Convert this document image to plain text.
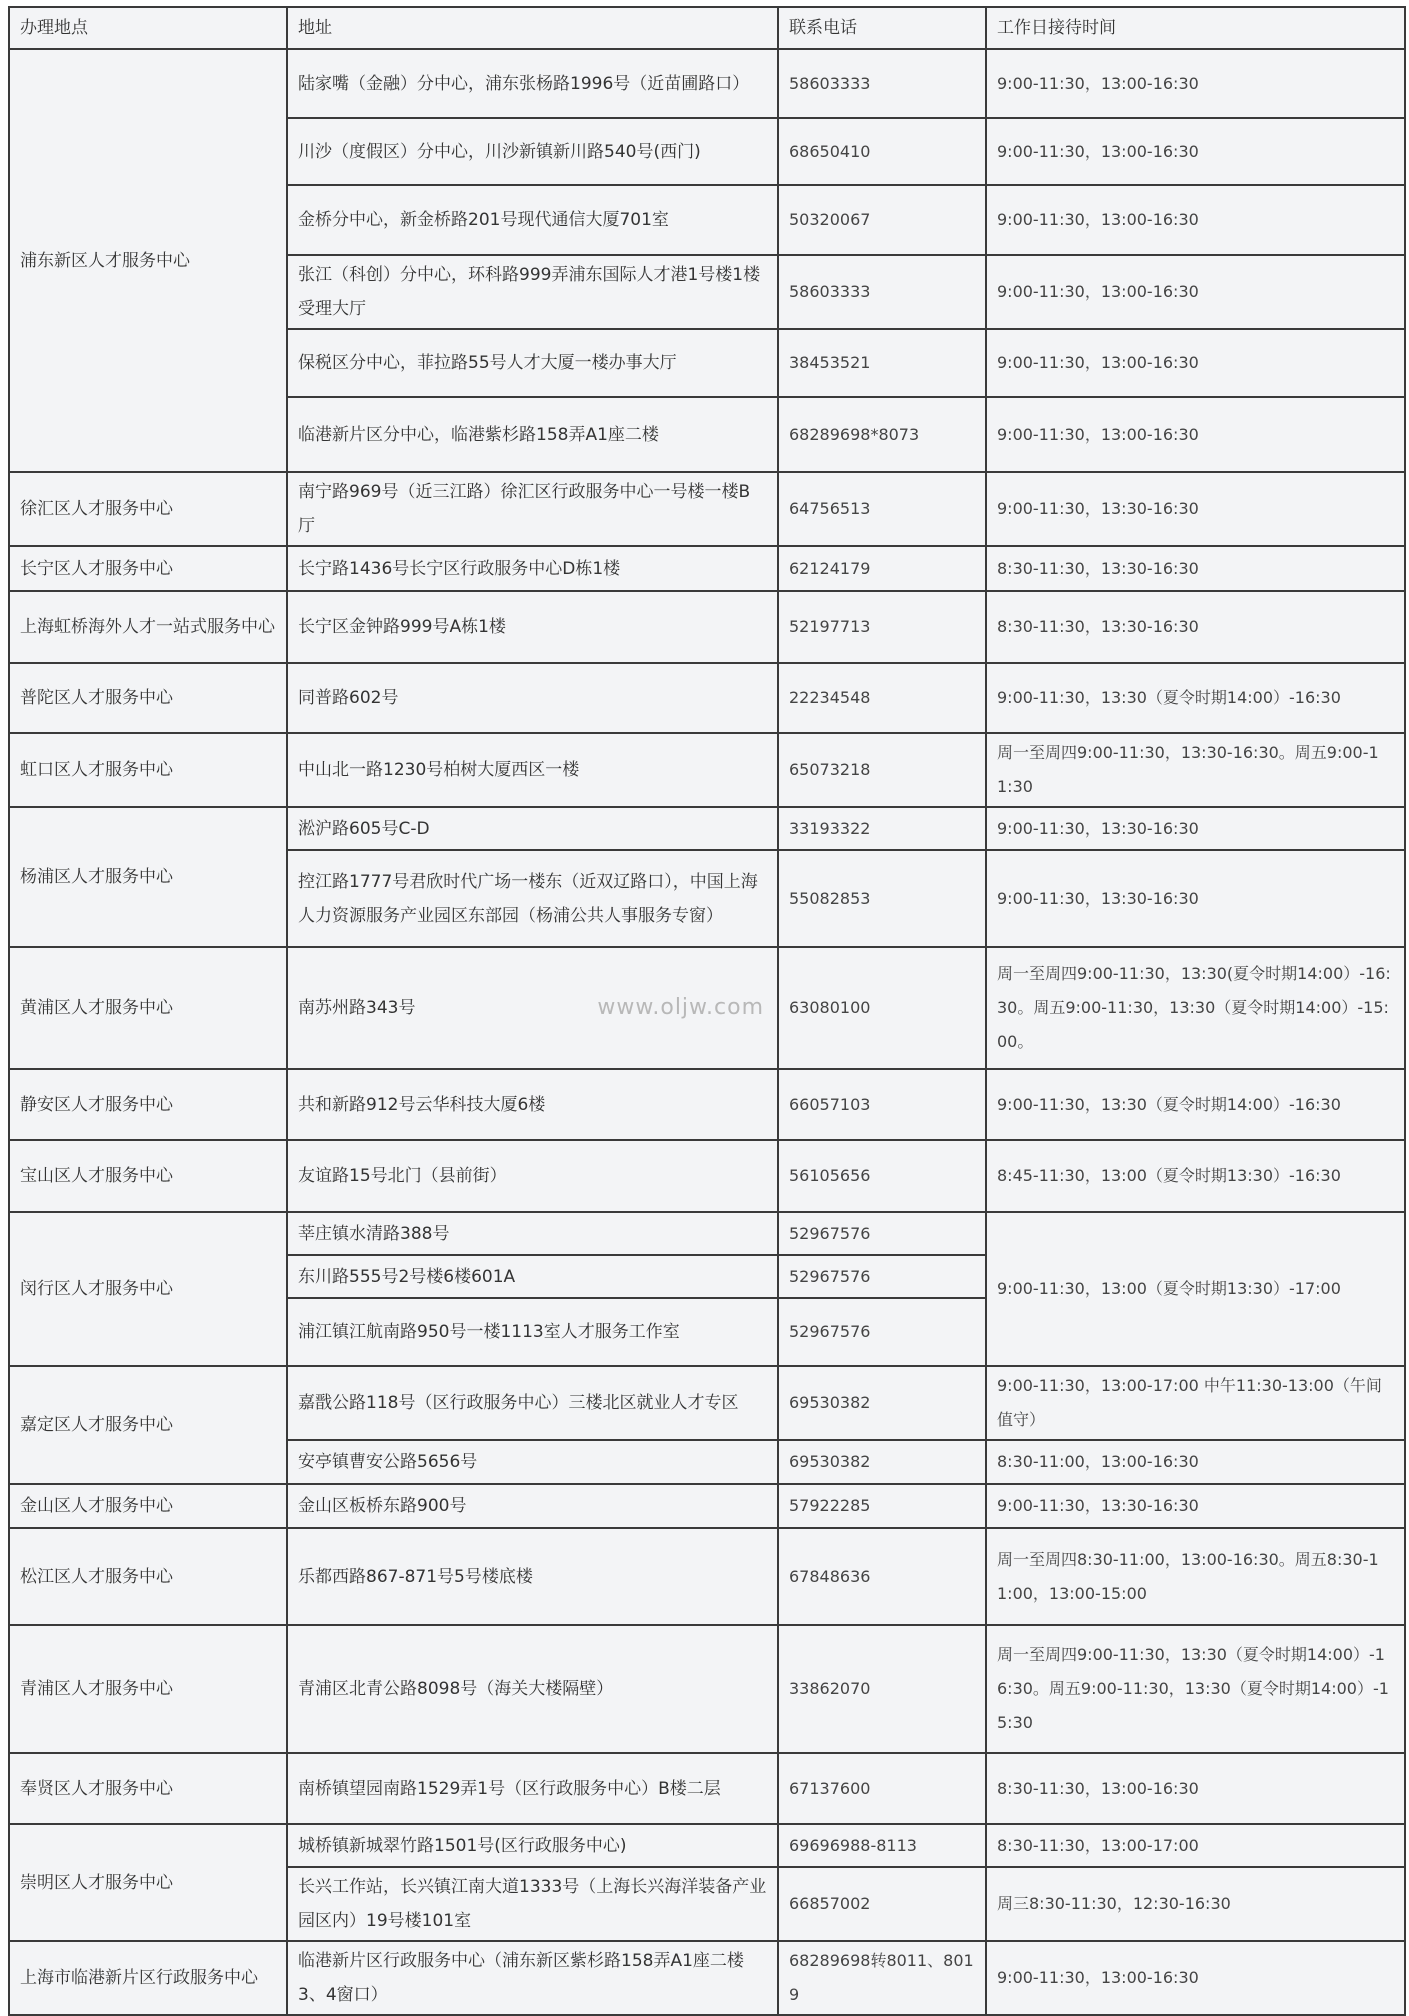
办理地点	地址	联系电话	工作日接待时间
浦东新区人才服务中心	陆家嘴（金融）分中心，浦东张杨路1996号（近苗圃路口）	58603333	9:00-11:30，13:00-16:30
	川沙（度假区）分中心，川沙新镇新川路540号(西门)	68650410	9:00-11:30，13:00-16:30
	金桥分中心，新金桥路201号现代通信大厦701室	50320067	9:00-11:30，13:00-16:30
	张江（科创）分中心，环科路999弄浦东国际人才港1号楼1楼受理大厅	58603333	9:00-11:30，13:00-16:30
	保税区分中心，菲拉路55号人才大厦一楼办事大厅	38453521	9:00-11:30，13:00-16:30
	临港新片区分中心，临港紫杉路158弄A1座二楼	68289698*8073	9:00-11:30，13:00-16:30
徐汇区人才服务中心	南宁路969号（近三江路）徐汇区行政服务中心一号楼一楼B厅	64756513	9:00-11:30，13:30-16:30
长宁区人才服务中心	长宁路1436号长宁区行政服务中心D栋1楼	62124179	8:30-11:30，13:30-16:30
上海虹桥海外人才一站式服务中心	长宁区金钟路999号A栋1楼	52197713	8:30-11:30，13:30-16:30
普陀区人才服务中心	同普路602号	22234548	9:00-11:30，13:30（夏令时期14:00）-16:30
虹口区人才服务中心	中山北一路1230号柏树大厦西区一楼	65073218	周一至周四9:00-11:30，13:30-16:30。周五9:00-11:30
杨浦区人才服务中心	淞沪路605号C-D	33193322	9:00-11:30，13:30-16:30
	控江路1777号君欣时代广场一楼东（近双辽路口），中国上海人力资源服务产业园区东部园（杨浦公共人事服务专窗）	55082853	9:00-11:30，13:30-16:30
黄浦区人才服务中心	南苏州路343号	63080100	周一至周四9:00-11:30，13:30(夏令时期14:00）-16:30。周五9:00-11:30，13:30（夏令时期14:00）-15:00。
静安区人才服务中心	共和新路912号云华科技大厦6楼	66057103	9:00-11:30，13:30（夏令时期14:00）-16:30
宝山区人才服务中心	友谊路15号北门（县前街）	56105656	8:45-11:30，13:00（夏令时期13:30）-16:30
闵行区人才服务中心	莘庄镇水清路388号	52967576	9:00-11:30，13:00（夏令时期13:30）-17:00
	东川路555号2号楼6楼601A	52967576	
	浦江镇江航南路950号一楼1113室人才服务工作室	52967576	
嘉定区人才服务中心	嘉戬公路118号（区行政服务中心）三楼北区就业人才专区	69530382	9:00-11:30，13:00-17:00 中午11:30-13:00（午间值守）
	安亭镇曹安公路5656号	69530382	8:30-11:00，13:00-16:30
金山区人才服务中心	金山区板桥东路900号	57922285	9:00-11:30，13:30-16:30
松江区人才服务中心	乐都西路867-871号5号楼底楼	67848636	周一至周四8:30-11:00，13:00-16:30。周五8:30-11:00，13:00-15:00
青浦区人才服务中心	青浦区北青公路8098号（海关大楼隔壁）	33862070	周一至周四9:00-11:30，13:30（夏令时期14:00）-16:30。周五9:00-11:30，13:30（夏令时期14:00）-15:30
奉贤区人才服务中心	南桥镇望园南路1529弄1号（区行政服务中心）B楼二层	67137600	8:30-11:30，13:00-16:30
崇明区人才服务中心	城桥镇新城翠竹路1501号(区行政服务中心)	69696988-8113	8:30-11:30，13:00-17:00
	长兴工作站，长兴镇江南大道1333号（上海长兴海洋装备产业园区内）19号楼101室	66857002	周三8:30-11:30，12:30-16:30
上海市临港新片区行政服务中心	临港新片区行政服务中心（浦东新区紫杉路158弄A1座二楼3、4窗口）	68289698转8011、8019	9:00-11:30，13:00-16:30
www.oljw.com
